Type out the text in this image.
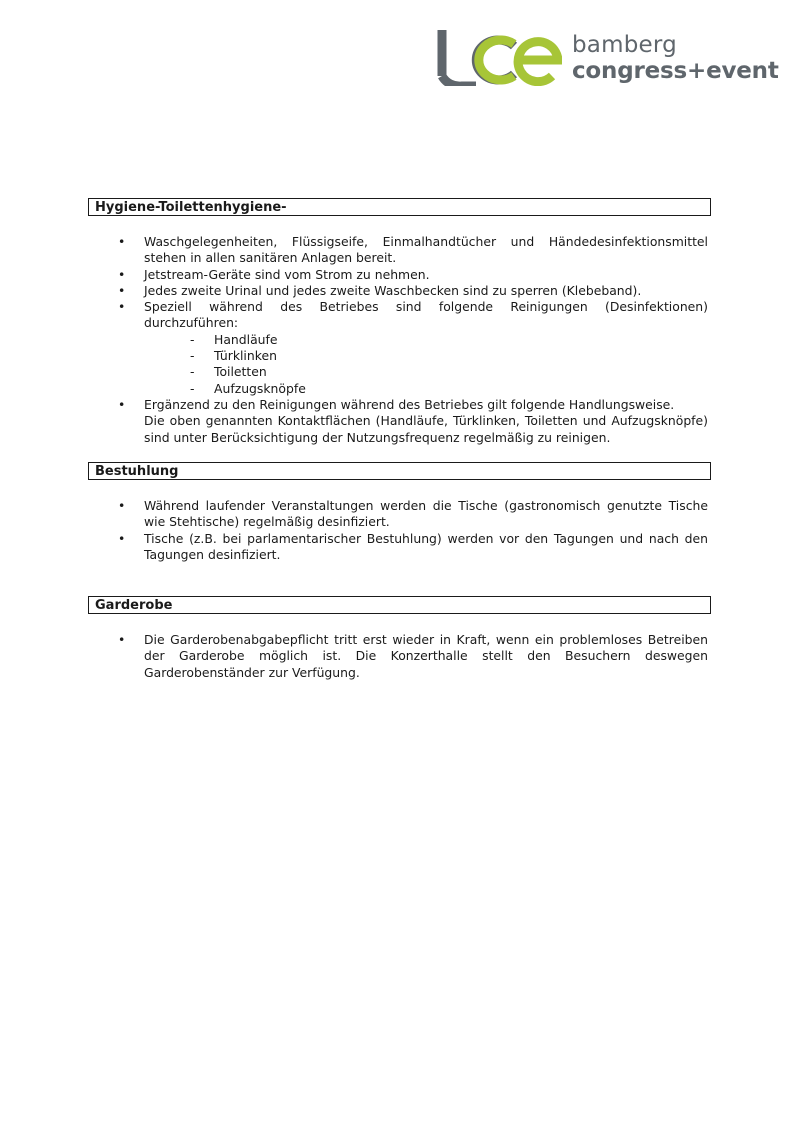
bamberg
congress+event
Hygiene-Toilettenhygiene-
• Waschgelegenheiten, Flüssigseife, Einmalhandtücher und Händedesinfektionsmittel stehen in allen sanitären Anlagen bereit.
• Jetstream-Geräte sind vom Strom zu nehmen.
• Jedes zweite Urinal und jedes zweite Waschbecken sind zu sperren (Klebeband).
• Speziell während des Betriebes sind folgende Reinigungen (Desinfektionen) durchzuführen:
- Handläufe
- Türklinken
- Toiletten
- Aufzugsknöpfe
• Ergänzend zu den Reinigungen während des Betriebes gilt folgende Handlungsweise.
Die oben genannten Kontaktflächen (Handläufe, Türklinken, Toiletten und Aufzugsknöpfe) sind unter Berücksichtigung der Nutzungsfrequenz regelmäßig zu reinigen.
Bestuhlung
• Während laufender Veranstaltungen werden die Tische (gastronomisch genutzte Tische wie Stehtische) regelmäßig desinfiziert.
• Tische (z.B. bei parlamentarischer Bestuhlung) werden vor den Tagungen und nach den Tagungen desinfiziert.
Garderobe
• Die Garderobenabgabepflicht tritt erst wieder in Kraft, wenn ein problemloses Betreiben der Garderobe möglich ist. Die Konzerthalle stellt den Besuchern deswegen Garderobenständer zur Verfügung.
